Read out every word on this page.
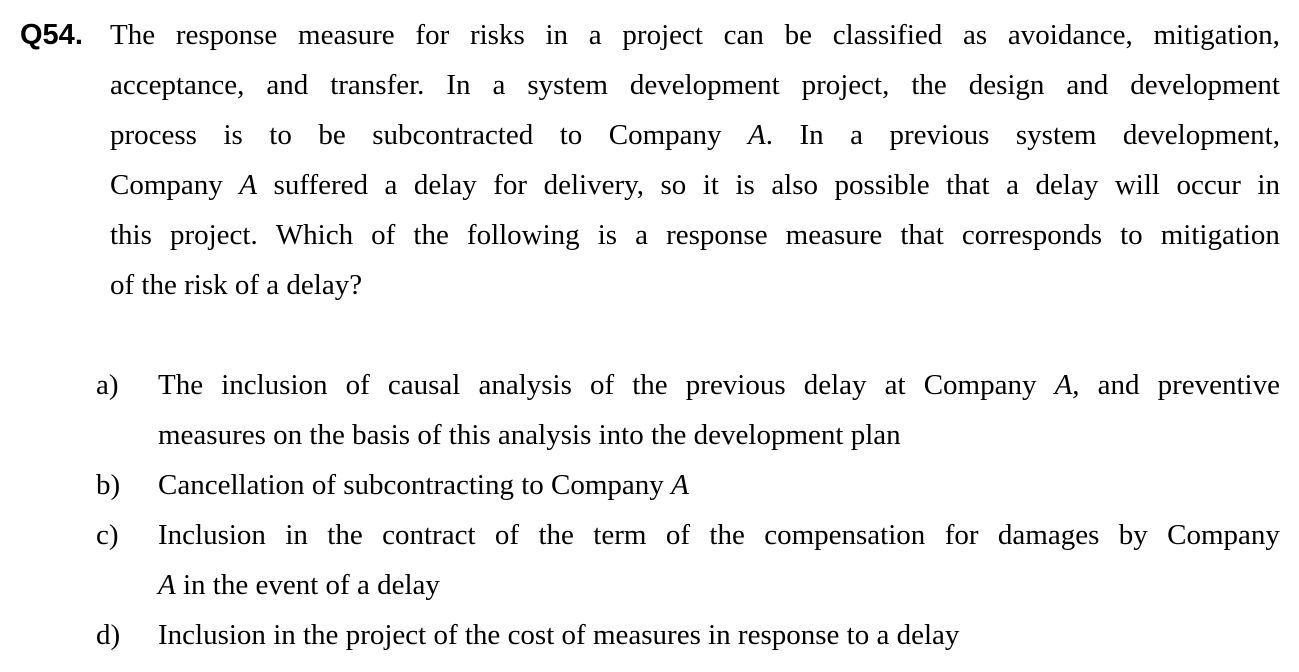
Q54. The response measure for risks in a project can be classified as avoidance, mitigation,
acceptance, and transfer. In a system development project, the design and development
process is to be subcontracted to Company A. In a previous system development,
Company A suffered a delay for delivery, so it is also possible that a delay will occur in
this project. Which of the following is a response measure that corresponds to mitigation
of the risk of a delay?
a) The inclusion of causal analysis of the previous delay at Company A, and preventive
measures on the basis of this analysis into the development plan
b) Cancellation of subcontracting to Company A
c) Inclusion in the contract of the term of the compensation for damages by Company
A in the event of a delay
d) Inclusion in the project of the cost of measures in response to a delay
